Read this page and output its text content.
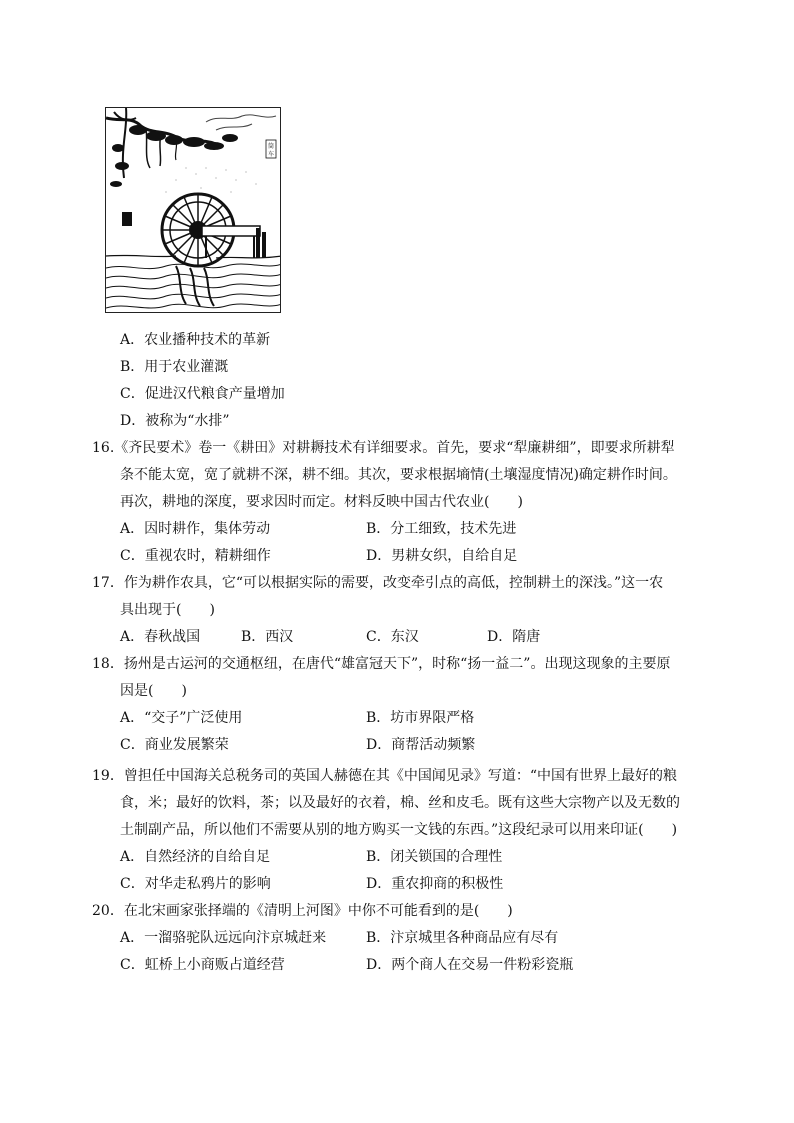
筒
车
A．农业播种技术的革新
B．用于农业灌溉
C．促进汉代粮食产量增加
D．被称为“水排”
16.《齐民要术》卷一《耕田》对耕耨技术有详细要求。首先，要求“犁廉耕细”，即要求所耕犁
条不能太宽，宽了就耕不深，耕不细。其次，要求根据墒情(土壤湿度情况)确定耕作时间。
再次，耕地的深度，要求因时而定。材料反映中国古代农业(　　)
A．因时耕作，集体劳动	B．分工细致，技术先进
C．重视农时，精耕细作	D．男耕女织，自给自足
17．作为耕作农具，它“可以根据实际的需要，改变牵引点的高低，控制耕土的深浅。”这一农
具出现于(　　)
A．春秋战国	B．西汉	C．东汉	D．隋唐
18．扬州是古运河的交通枢纽，在唐代“雄富冠天下”，时称“扬一益二”。出现这现象的主要原
因是(　　)
A．“交子”广泛使用	B．坊市界限严格
C．商业发展繁荣	D．商帮活动频繁
19．曾担任中国海关总税务司的英国人赫德在其《中国闻见录》写道：“中国有世界上最好的粮
食，米；最好的饮料，茶；以及最好的衣着，棉、丝和皮毛。既有这些大宗物产以及无数的
土制副产品，所以他们不需要从别的地方购买一文钱的东西。”这段纪录可以用来印证(　　)
A．自然经济的自给自足	B．闭关锁国的合理性
C．对华走私鸦片的影响	D．重农抑商的积极性
20．在北宋画家张择端的《清明上河图》中你不可能看到的是(　　)
A．一溜骆驼队远远向汴京城赶来	B．汴京城里各种商品应有尽有
C．虹桥上小商贩占道经营	D．两个商人在交易一件粉彩瓷瓶
